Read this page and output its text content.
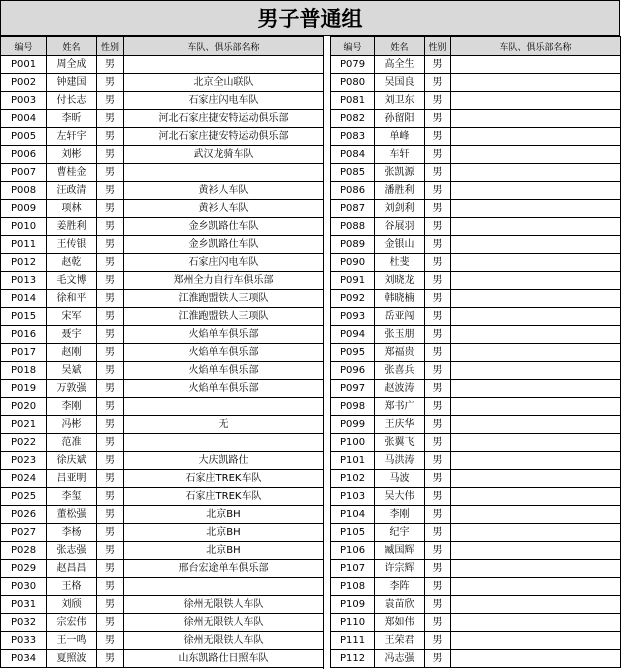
男子普通组
编号	姓名	性别	车队、俱乐部名称
P001	周全成	男	
P002	钟建国	男	北京全山联队
P003	付长志	男	石家庄闪电车队
P004	李昕	男	河北石家庄捷安特运动俱乐部
P005	左轩宇	男	河北石家庄捷安特运动俱乐部
P006	刘彬	男	武汉龙骑车队
P007	曹桂金	男	
P008	汪政清	男	黄衫人车队
P009	项林	男	黄衫人车队
P010	姜胜利	男	金乡凯路仕车队
P011	王传银	男	金乡凯路仕车队
P012	赵乾	男	石家庄闪电车队
P013	毛文博	男	郑州全力自行车俱乐部
P014	徐和平	男	江淮跑盟铁人三项队
P015	宋军	男	江淮跑盟铁人三项队
P016	聂宇	男	火焰单车俱乐部
P017	赵刚	男	火焰单车俱乐部
P018	吴斌	男	火焰单车俱乐部
P019	万敦强	男	火焰单车俱乐部
P020	李刚	男	
P021	冯彬	男	无
P022	范准	男	
P023	徐庆斌	男	大庆凯路仕
P024	吕亚明	男	石家庄TREK车队
P025	李玺	男	石家庄TREK车队
P026	董松强	男	北京BH
P027	李杨	男	北京BH
P028	张志强	男	北京BH
P029	赵昌昌	男	邢台宏途单车俱乐部
P030	王格	男	
P031	刘颀	男	徐州无限铁人车队
P032	宗宏伟	男	徐州无限铁人车队
P033	王一鸣	男	徐州无限铁人车队
P034	夏照波	男	山东凯路仕日照车队
编号	姓名	性别	车队、俱乐部名称
P079	高全生	男	
P080	吴国良	男	
P081	刘卫东	男	
P082	孙留阳	男	
P083	单峰	男	
P084	车轩	男	
P085	张凯源	男	
P086	潘胜利	男	
P087	刘剑利	男	
P088	谷展羽	男	
P089	金银山	男	
P090	杜斐	男	
P091	刘晓龙	男	
P092	韩晓楠	男	
P093	岳亚闯	男	
P094	张玉朋	男	
P095	郑福贵	男	
P096	张喜兵	男	
P097	赵波涛	男	
P098	郑书广	男	
P099	王庆华	男	
P100	张翼飞	男	
P101	马洪涛	男	
P102	马波	男	
P103	吴大伟	男	
P104	李刚	男	
P105	纪宇	男	
P106	臧国辉	男	
P107	许宗辉	男	
P108	李阵	男	
P109	袁苗欣	男	
P110	郑如伟	男	
P111	王荣君	男	
P112	冯志强	男	
